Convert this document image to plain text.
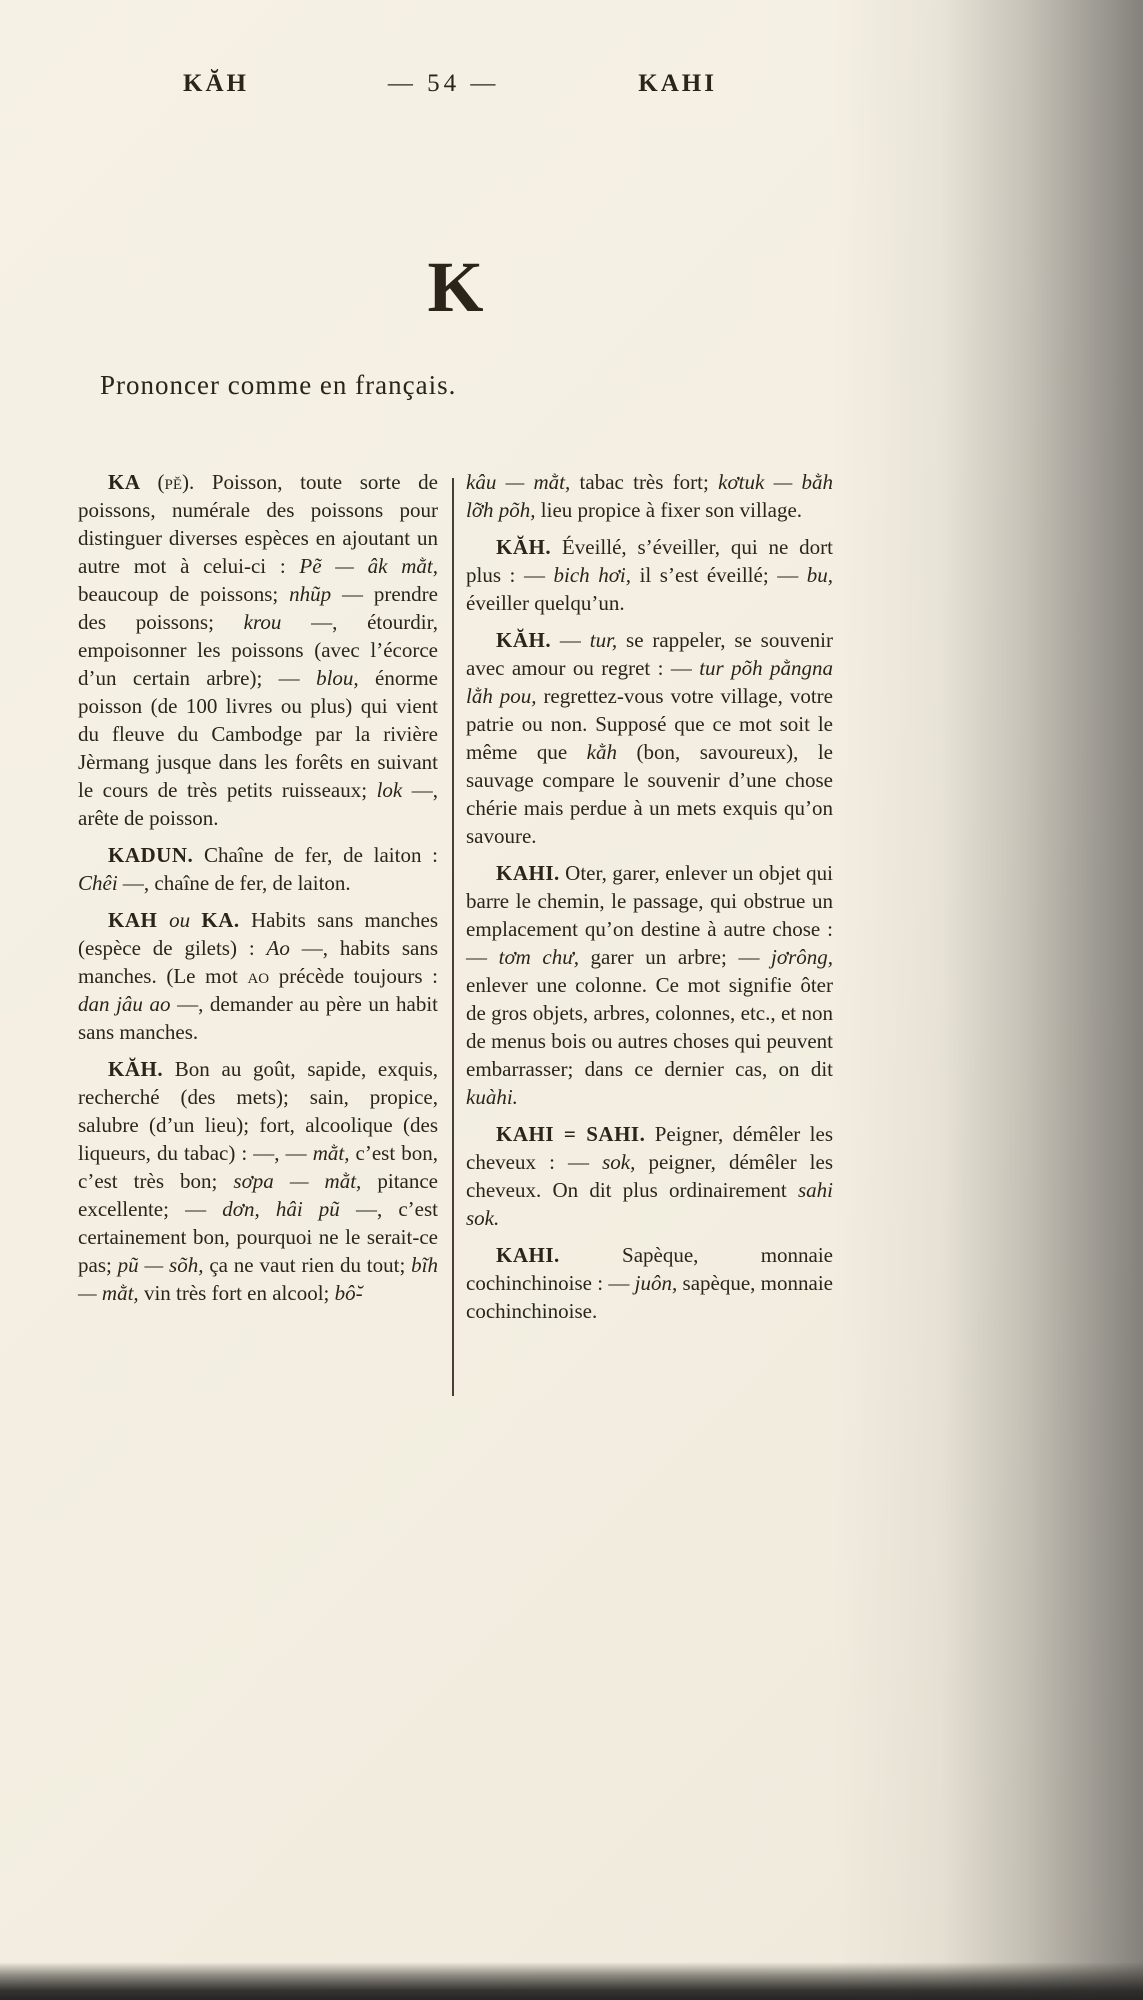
KĂH	— 54 —	KAHI
K
Prononcer comme en français.

KA (pĕ). Poisson, toute sorte de poissons, numérale des poissons pour distinguer diverses espèces en ajoutant un autre mot à celui-ci : Pẽ — âk mằt, beaucoup de poissons; nhũp — prendre des poissons; krou —, étourdir, empoisonner les poissons (avec l’écorce d’un certain arbre); — blou, énorme poisson (de 100 livres ou plus) qui vient du fleuve du Cambodge par la rivière Jèrmang jusque dans les forêts en suivant le cours de très petits ruisseaux; lok —, arête de poisson.

KADUN. Chaîne de fer, de laiton : Chêi —, chaîne de fer, de laiton.

KAH ou KA. Habits sans manches (espèce de gilets) : Ao —, habits sans manches. (Le mot ao précède toujours : dan jâu ao —, demander au père un habit sans manches.

KĂH. Bon au goût, sapide, exquis, recherché (des mets); sain, propice, salubre (d’un lieu); fort, alcoolique (des liqueurs, du tabac) : —, — mằt, c’est bon, c’est très bon; sơpa — mằt, pitance excellente; — dơn, hâi pũ —, c’est certainement bon, pourquoi ne le serait-ce pas; pũ — sõh, ça ne vaut rien du tout; bĩh — mằt, vin très fort en alcool; bô̆-

kâu — mằt, tabac très fort; kơtuk — bằh lỡh põh, lieu propice à fixer son village.

KĂH. Éveillé, s’éveiller, qui ne dort plus : — bich hơi, il s’est éveillé; — bu, éveiller quelqu’un.

KĂH. — tur, se rappeler, se souvenir avec amour ou regret : — tur põh pằngna lằh pou, regrettez-vous votre village, votre patrie ou non. Supposé que ce mot soit le même que kằh (bon, savoureux), le sauvage compare le souvenir d’une chose chérie mais perdue à un mets exquis qu’on savoure.

KAHI. Oter, garer, enlever un objet qui barre le chemin, le passage, qui obstrue un emplacement qu’on destine à autre chose : — tơm chư, garer un arbre; — jơrông, enlever une colonne. Ce mot signifie ôter de gros objets, arbres, colonnes, etc., et non de menus bois ou autres choses qui peuvent embarrasser; dans ce dernier cas, on dit kuàhi.

KAHI = SAHI. Peigner, démêler les cheveux : — sok, peigner, démêler les cheveux. On dit plus ordinairement sahi sok.

KAHI. Sapèque, monnaie cochinchinoise : — juôn, sapèque, monnaie cochinchinoise.
